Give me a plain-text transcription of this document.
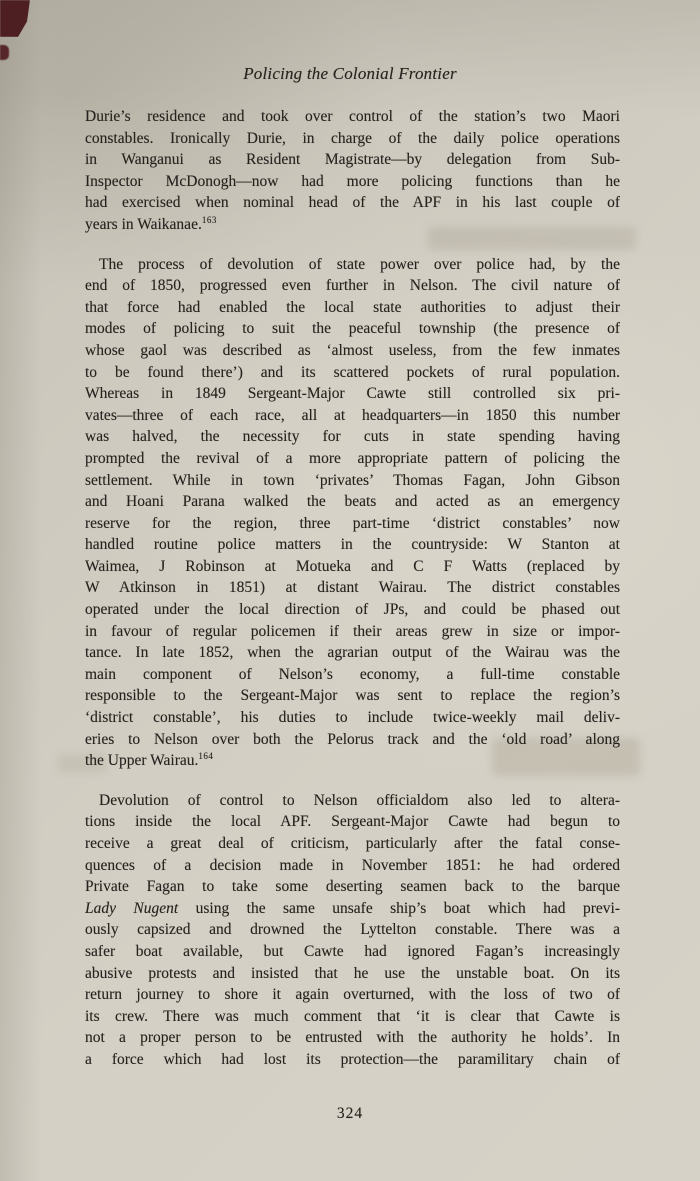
Policing the Colonial Frontier
Durie’s residence and took over control of the station’s two Maori
constables. Ironically Durie, in charge of the daily police operations
in Wanganui as Resident Magistrate—by delegation from Sub-
Inspector McDonogh—now had more policing functions than he
had exercised when nominal head of the APF in his last couple of
years in Waikanae.$^{163}$
The process of devolution of state power over police had, by the
end of 1850, progressed even further in Nelson. The civil nature of
that force had enabled the local state authorities to adjust their
modes of policing to suit the peaceful township (the presence of
whose gaol was described as ‘almost useless, from the few inmates
to be found there’) and its scattered pockets of rural population.
Whereas in 1849 Sergeant-Major Cawte still controlled six pri-
vates—three of each race, all at headquarters—in 1850 this number
was halved, the necessity for cuts in state spending having
prompted the revival of a more appropriate pattern of policing the
settlement. While in town ‘privates’ Thomas Fagan, John Gibson
and Hoani Parana walked the beats and acted as an emergency
reserve for the region, three part-time ‘district constables’ now
handled routine police matters in the countryside: W Stanton at
Waimea, J Robinson at Motueka and C F Watts (replaced by
W Atkinson in 1851) at distant Wairau. The district constables
operated under the local direction of JPs, and could be phased out
in favour of regular policemen if their areas grew in size or impor-
tance. In late 1852, when the agrarian output of the Wairau was the
main component of Nelson’s economy, a full-time constable
responsible to the Sergeant-Major was sent to replace the region’s
‘district constable’, his duties to include twice-weekly mail deliv-
eries to Nelson over both the Pelorus track and the ‘old road’ along
the Upper Wairau.$^{164}$
Devolution of control to Nelson officialdom also led to altera-
tions inside the local APF. Sergeant-Major Cawte had begun to
receive a great deal of criticism, particularly after the fatal conse-
quences of a decision made in November 1851: he had ordered
Private Fagan to take some deserting seamen back to the barque
Lady Nugent using the same unsafe ship’s boat which had previ-
ously capsized and drowned the Lyttelton constable. There was a
safer boat available, but Cawte had ignored Fagan’s increasingly
abusive protests and insisted that he use the unstable boat. On its
return journey to shore it again overturned, with the loss of two of
its crew. There was much comment that ‘it is clear that Cawte is
not a proper person to be entrusted with the authority he holds’. In
a force which had lost its protection—the paramilitary chain of
324
